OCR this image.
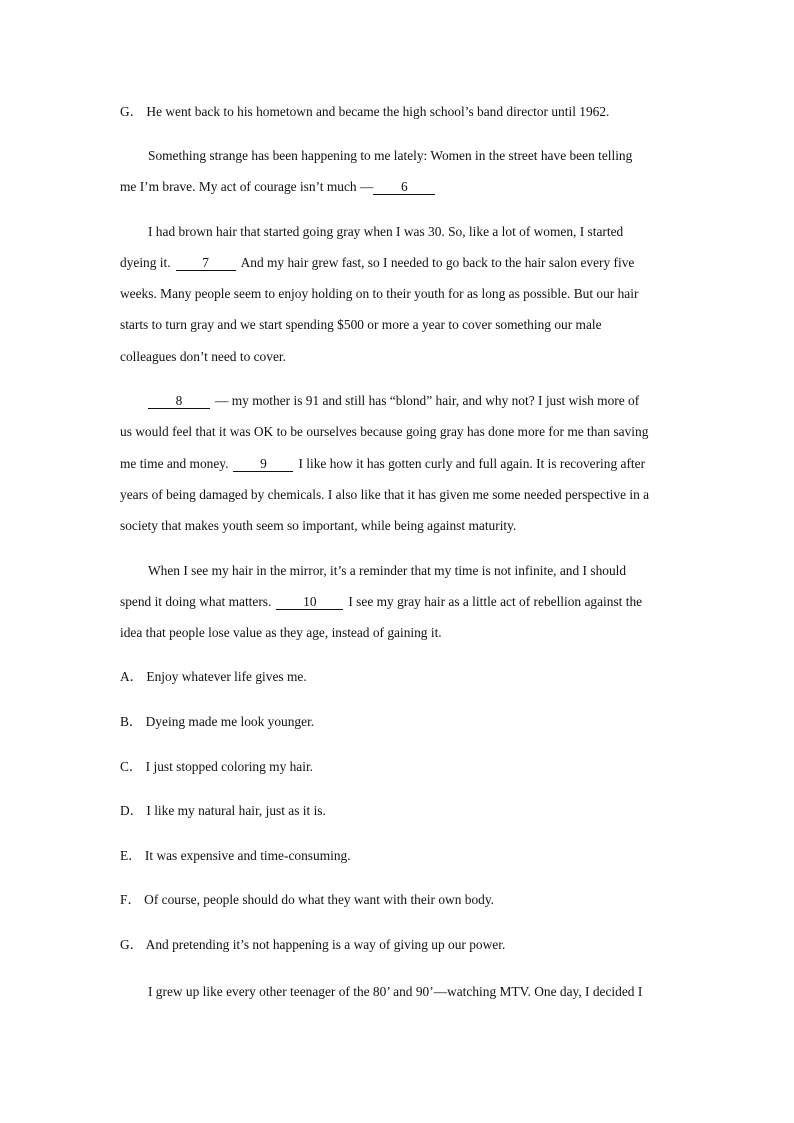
G． He went back to his hometown and became the high school’s band director until 1962.
Something strange has been happening to me lately: Women in the street have been telling
me I’m brave. My act of courage isn’t much — 6
I had brown hair that started going gray when I was 30. So, like a lot of women, I started
dyeing it. 7 And my hair grew fast, so I needed to go back to the hair salon every five
weeks. Many people seem to enjoy holding on to their youth for as long as possible. But our hair
starts to turn gray and we start spending $500 or more a year to cover something our male
colleagues don’t need to cover.
8 — my mother is 91 and still has “blond” hair, and why not? I just wish more of
us would feel that it was OK to be ourselves because going gray has done more for me than saving
me time and money. 9 I like how it has gotten curly and full again. It is recovering after
years of being damaged by chemicals. I also like that it has given me some needed perspective in a
society that makes youth seem so important, while being against maturity.
When I see my hair in the mirror, it’s a reminder that my time is not infinite, and I should
spend it doing what matters. 10 I see my gray hair as a little act of rebellion against the
idea that people lose value as they age, instead of gaining it.
A． Enjoy whatever life gives me.
B． Dyeing made me look younger.
C． I just stopped coloring my hair.
D． I like my natural hair, just as it is.
E． It was expensive and time-consuming.
F． Of course, people should do what they want with their own body.
G． And pretending it’s not happening is a way of giving up our power.
I grew up like every other teenager of the 80’ and 90’—watching MTV. One day, I decided I
